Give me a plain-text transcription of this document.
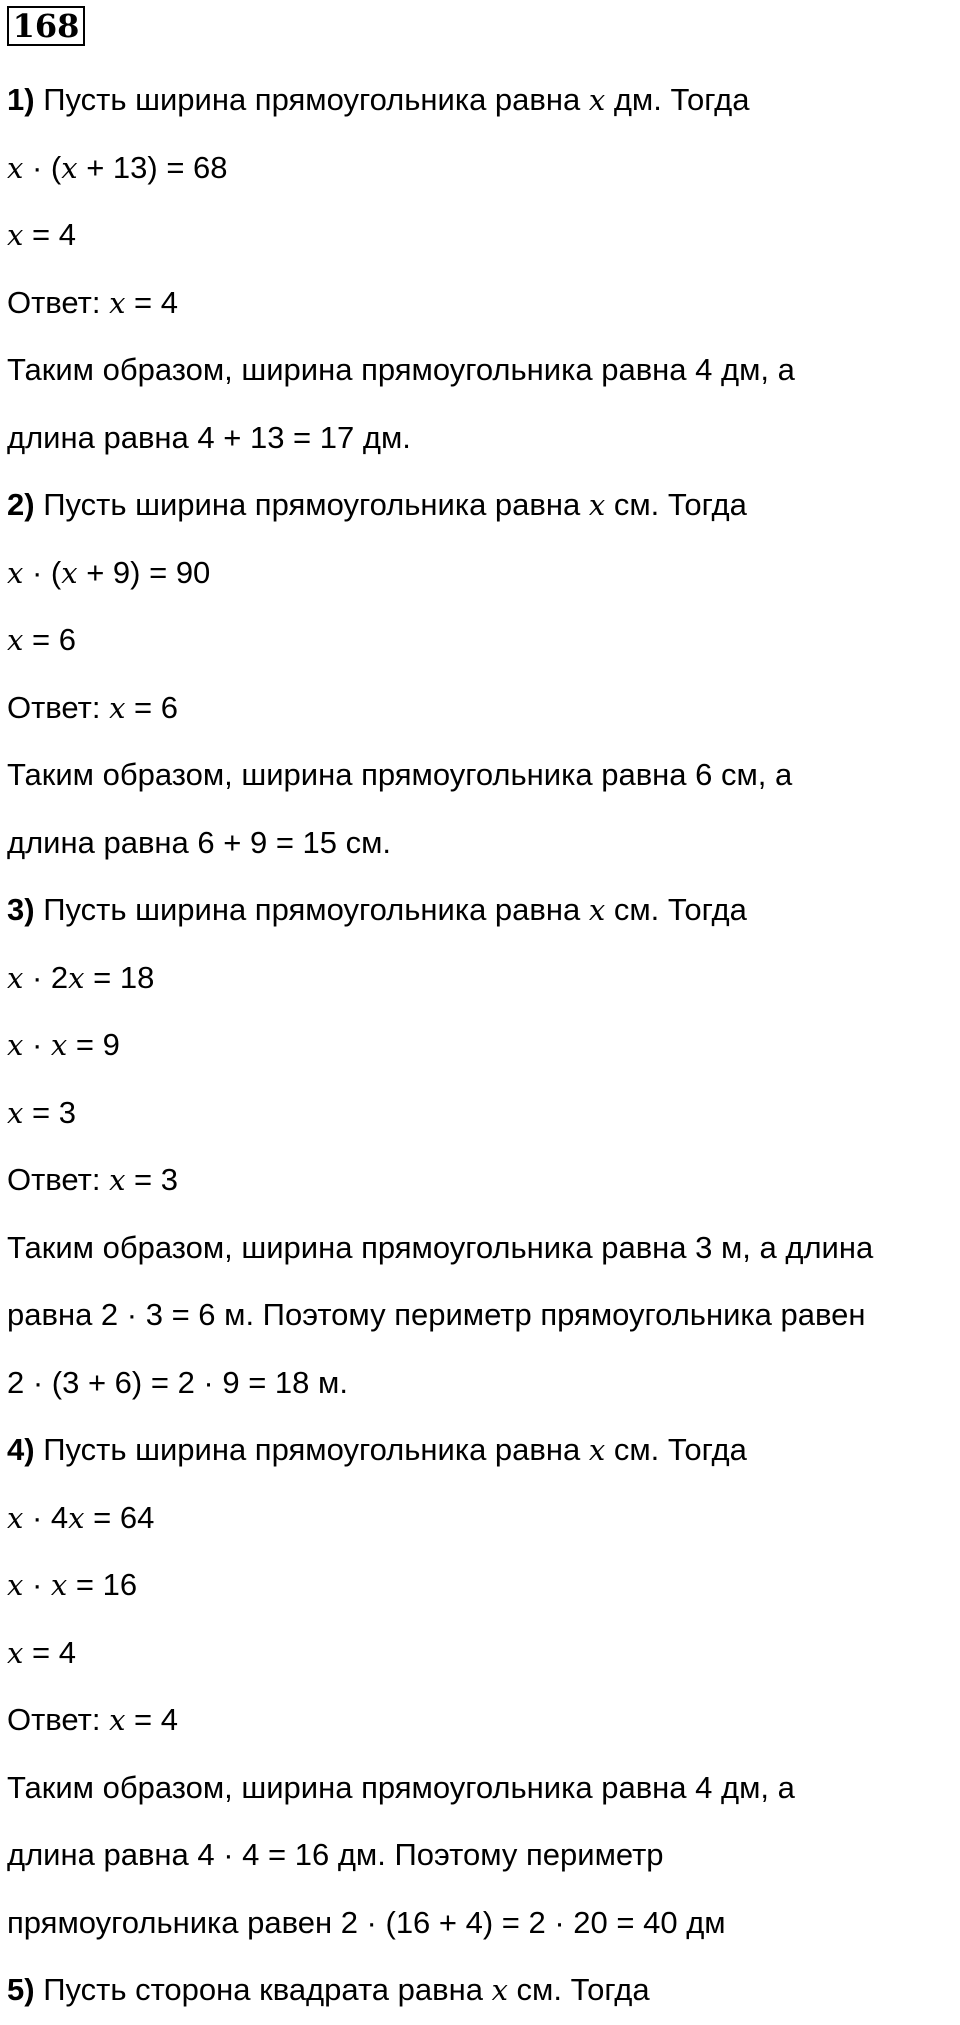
168
1) Пусть ширина прямоугольника равна x дм. Тогда
x · (x + 13) = 68
x = 4
Ответ: x = 4
Таким образом, ширина прямоугольника равна 4 дм, а
длина равна 4 + 13 = 17 дм.
2) Пусть ширина прямоугольника равна x см. Тогда
x · (x + 9) = 90
x = 6
Ответ: x = 6
Таким образом, ширина прямоугольника равна 6 см, а
длина равна 6 + 9 = 15 см.
3) Пусть ширина прямоугольника равна x см. Тогда
x · 2x = 18
x · x = 9
x = 3
Ответ: x = 3
Таким образом, ширина прямоугольника равна 3 м, а длина
равна 2 · 3 = 6 м. Поэтому периметр прямоугольника равен
2 · (3 + 6) = 2 · 9 = 18 м.
4) Пусть ширина прямоугольника равна x см. Тогда
x · 4x = 64
x · x = 16
x = 4
Ответ: x = 4
Таким образом, ширина прямоугольника равна 4 дм, а
длина равна 4 · 4 = 16 дм. Поэтому периметр
прямоугольника равен 2 · (16 + 4) = 2 · 20 = 40 дм
5) Пусть сторона квадрата равна x см. Тогда
